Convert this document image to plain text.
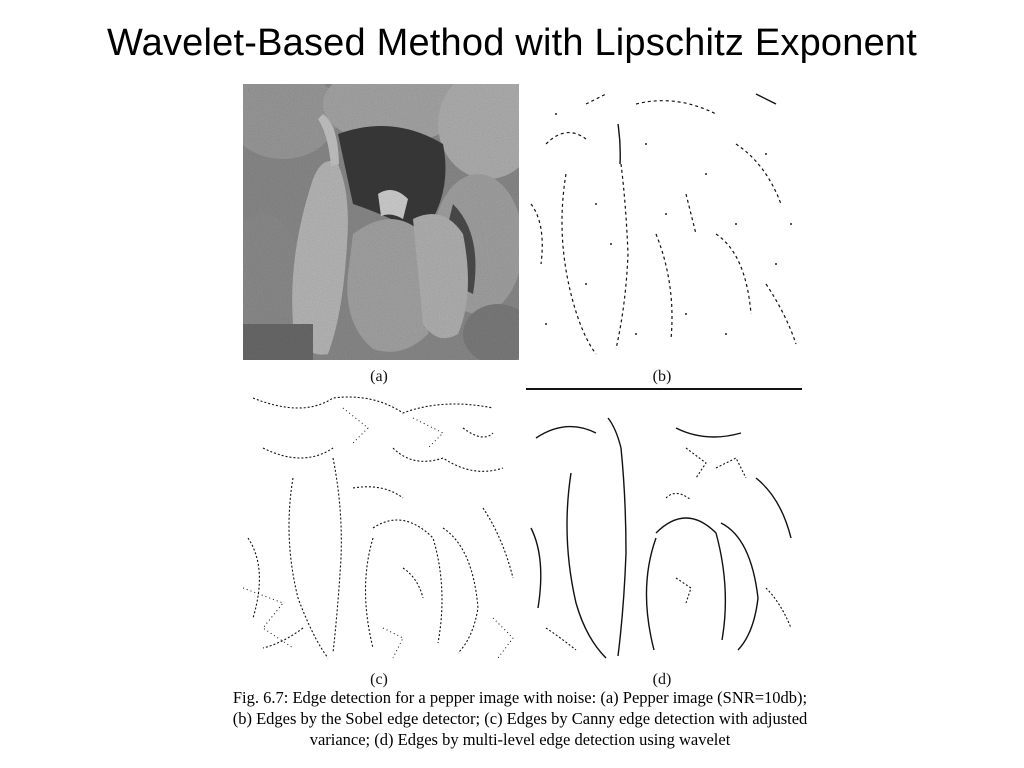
Wavelet-Based Method with Lipschitz Exponent
(a)	(b)
(c)	(d)
Fig. 6.7: Edge detection for a pepper image with noise: (a) Pepper image (SNR=10db);
(b) Edges by the Sobel edge detector; (c) Edges by Canny edge detection with adjusted
variance; (d) Edges by multi-level edge detection using wavelet
